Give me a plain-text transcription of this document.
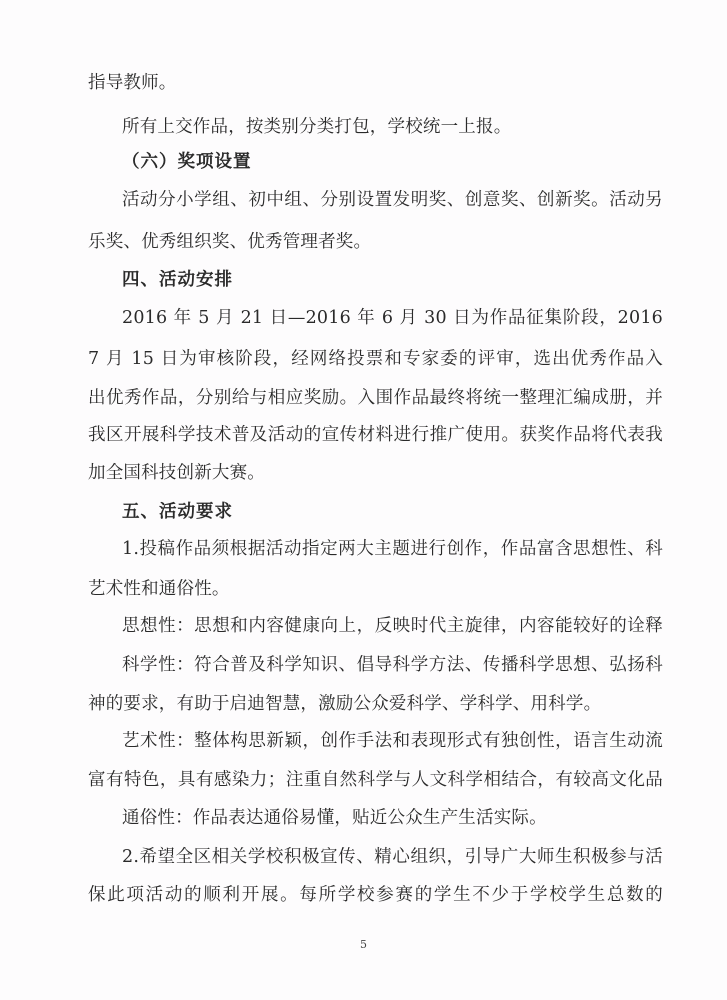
指导教师。
所有上交作品，按类别分类打包，学校统一上报。
（六）奖项设置
活动分小学组、初中组、分别设置发明奖、创意奖、创新奖。活动另
乐奖、优秀组织奖、优秀管理者奖。
四、活动安排
2016 年 5 月 21 日—2016 年 6 月 30 日为作品征集阶段，2016
7 月 15 日为审核阶段，经网络投票和专家委的评审，选出优秀作品入
出优秀作品，分别给与相应奖励。入围作品最终将统一整理汇编成册，并
我区开展科学技术普及活动的宣传材料进行推广使用。获奖作品将代表我
加全国科技创新大赛。
五、活动要求
1.投稿作品须根据活动指定两大主题进行创作，作品富含思想性、科
艺术性和通俗性。
思想性：思想和内容健康向上，反映时代主旋律，内容能较好的诠释
科学性：符合普及科学知识、倡导科学方法、传播科学思想、弘扬科
神的要求，有助于启迪智慧，激励公众爱科学、学科学、用科学。
艺术性：整体构思新颖，创作手法和表现形式有独创性，语言生动流
富有特色，具有感染力；注重自然科学与人文科学相结合，有较高文化品
通俗性：作品表达通俗易懂，贴近公众生产生活实际。
2.希望全区相关学校积极宣传、精心组织，引导广大师生积极参与活
保此项活动的顺利开展。每所学校参赛的学生不少于学校学生总数的
5
